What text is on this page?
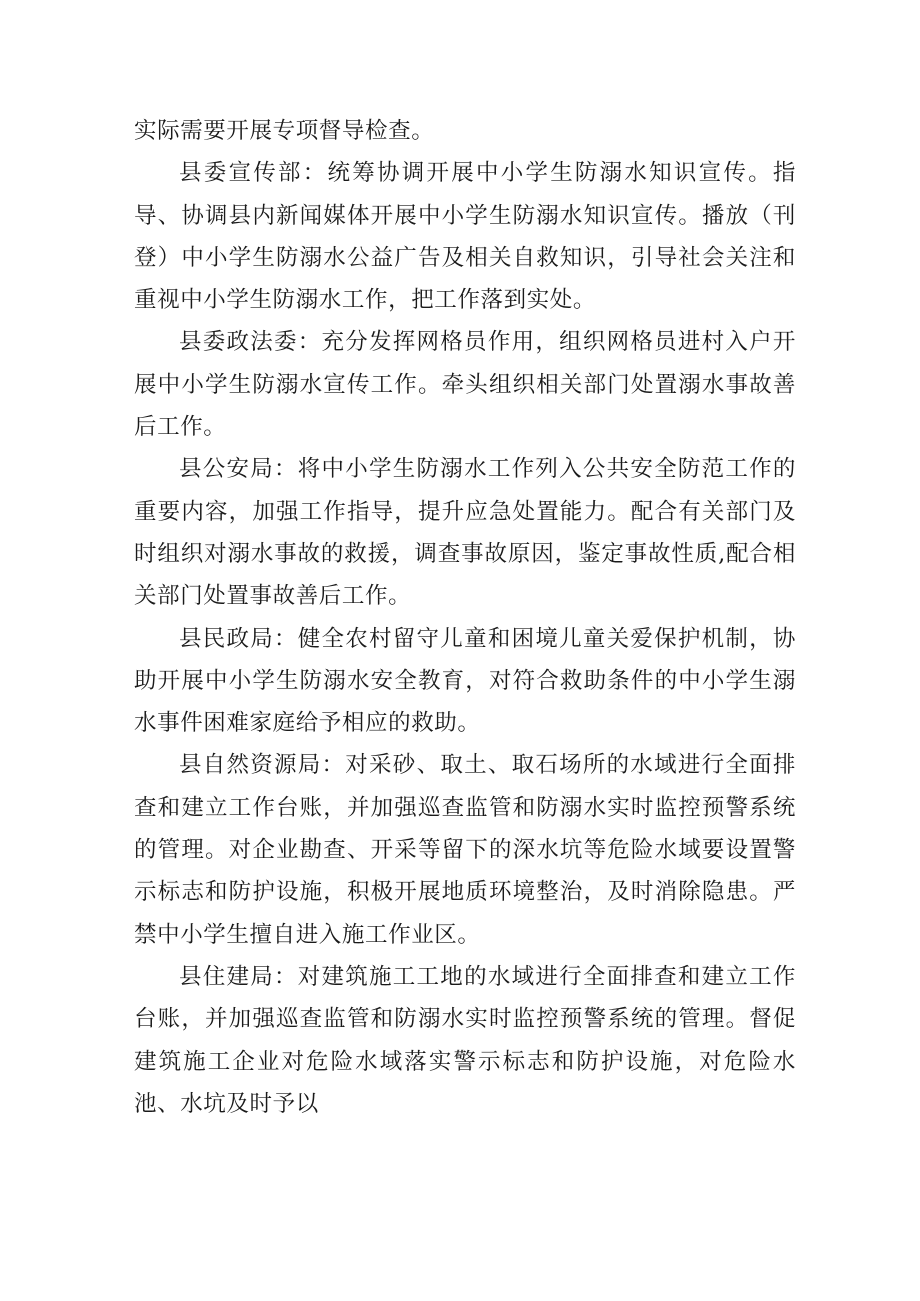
实际需要开展专项督导检查。

县委宣传部：统筹协调开展中小学生防溺水知识宣传。指导、协调县内新闻媒体开展中小学生防溺水知识宣传。播放（刊登）中小学生防溺水公益广告及相关自救知识，引导社会关注和重视中小学生防溺水工作，把工作落到实处。

县委政法委：充分发挥网格员作用，组织网格员进村入户开展中小学生防溺水宣传工作。牵头组织相关部门处置溺水事故善后工作。

县公安局：将中小学生防溺水工作列入公共安全防范工作的重要内容，加强工作指导，提升应急处置能力。配合有关部门及时组织对溺水事故的救援，调查事故原因，鉴定事故性质,配合相关部门处置事故善后工作。

县民政局：健全农村留守儿童和困境儿童关爱保护机制，协助开展中小学生防溺水安全教育，对符合救助条件的中小学生溺水事件困难家庭给予相应的救助。

县自然资源局：对采砂、取土、取石场所的水域进行全面排查和建立工作台账，并加强巡查监管和防溺水实时监控预警系统的管理。对企业勘查、开采等留下的深水坑等危险水域要设置警示标志和防护设施，积极开展地质环境整治，及时消除隐患。严禁中小学生擅自进入施工作业区。

县住建局：对建筑施工工地的水域进行全面排查和建立工作台账，并加强巡查监管和防溺水实时监控预警系统的管理。督促建筑施工企业对危险水域落实警示标志和防护设施，对危险水池、水坑及时予以
